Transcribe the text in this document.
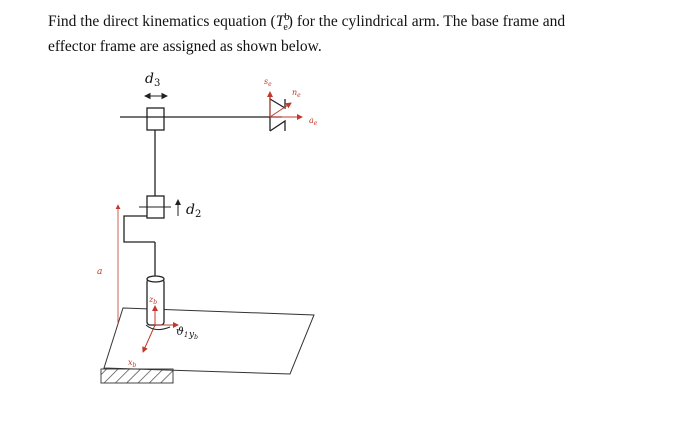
Find the direct kinematics equation $(T^b_e)$ for the cylindrical arm. The base frame and
effector frame are assigned as shown below.
$d_3$
$d_2$
a
$z_b$
$x_b$
ϑ1 $y_b$
$s_e$
$n_e$
$a_e$
